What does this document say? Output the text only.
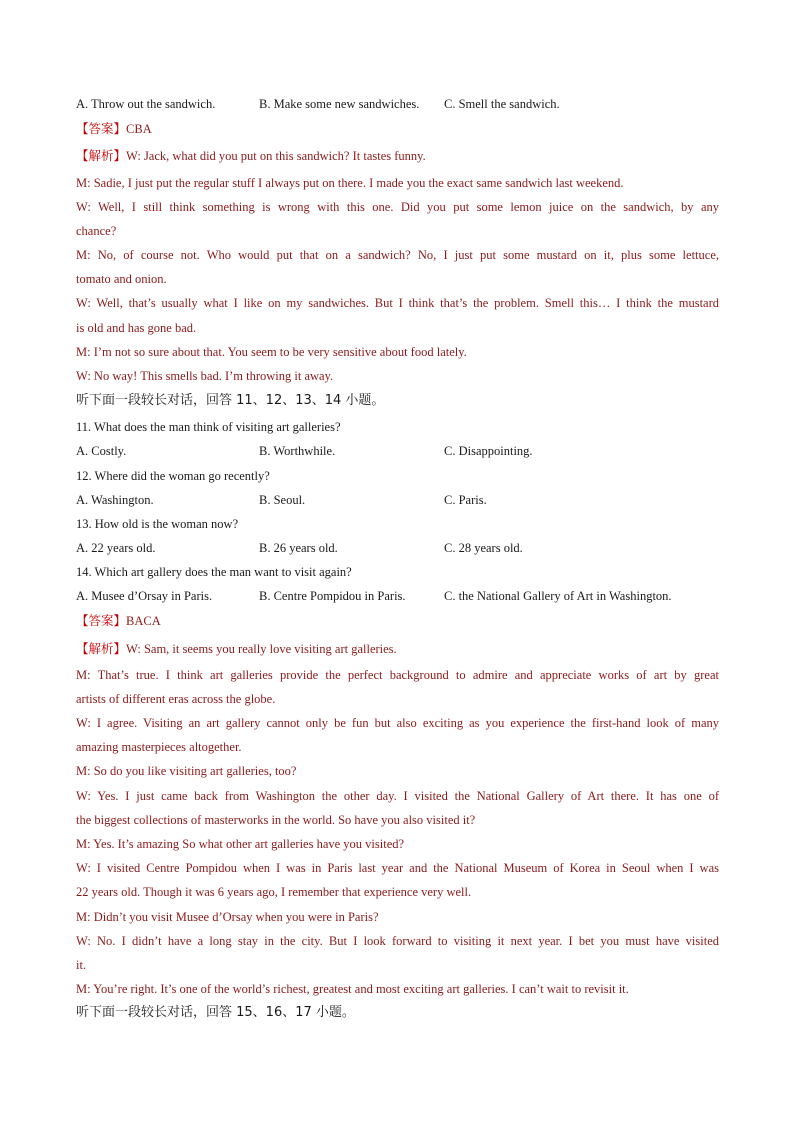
A. Throw out the sandwich.	B. Make some new sandwiches. C. Smell the sandwich.
【答案】CBA
【解析】W: Jack, what did you put on this sandwich? It tastes funny.
M: Sadie, I just put the regular stuff I always put on there. I made you the exact same sandwich last weekend.
W: Well, I still think something is wrong with this one. Did you put some lemon juice on the sandwich, by any
chance?
M: No, of course not. Who would put that on a sandwich? No, I just put some mustard on it, plus some lettuce,
tomato and onion.
W: Well, that’s usually what I like on my sandwiches. But I think that’s the problem. Smell this… I think the mustard
is old and has gone bad.
M: I’m not so sure about that. You seem to be very sensitive about food lately.
W: No way! This smells bad. I’m throwing it away.
听下面一段较长对话，回答 11、12、13、14 小题。
11. What does the man think of visiting art galleries?
A. Costly.	B. Worthwhile.	C. Disappointing.
12. Where did the woman go recently?
A. Washington.	B. Seoul.	C. Paris.
13. How old is the woman now?
A. 22 years old.	B. 26 years old.	C. 28 years old.
14. Which art gallery does the man want to visit again?
A. Musee d’Orsay in Paris.	B. Centre Pompidou in Paris.	C. the National Gallery of Art in Washington.
【答案】BACA
【解析】W: Sam, it seems you really love visiting art galleries.
M: That’s true. I think art galleries provide the perfect background to admire and appreciate works of art by great
artists of different eras across the globe.
W: I agree. Visiting an art gallery cannot only be fun but also exciting as you experience the first-hand look of many
amazing masterpieces altogether.
M: So do you like visiting art galleries, too?
W: Yes. I just came back from Washington the other day. I visited the National Gallery of Art there. It has one of
the biggest collections of masterworks in the world. So have you also visited it?
M: Yes. It’s amazing So what other art galleries have you visited?
W: I visited Centre Pompidou when I was in Paris last year and the National Museum of Korea in Seoul when I was
22 years old. Though it was 6 years ago, I remember that experience very well.
M: Didn’t you visit Musee d’Orsay when you were in Paris?
W: No. I didn’t have a long stay in the city. But I look forward to visiting it next year. I bet you must have visited
it.
M: You’re right. It’s one of the world’s richest, greatest and most exciting art galleries. I can’t wait to revisit it.
听下面一段较长对话，回答 15、16、17 小题。
